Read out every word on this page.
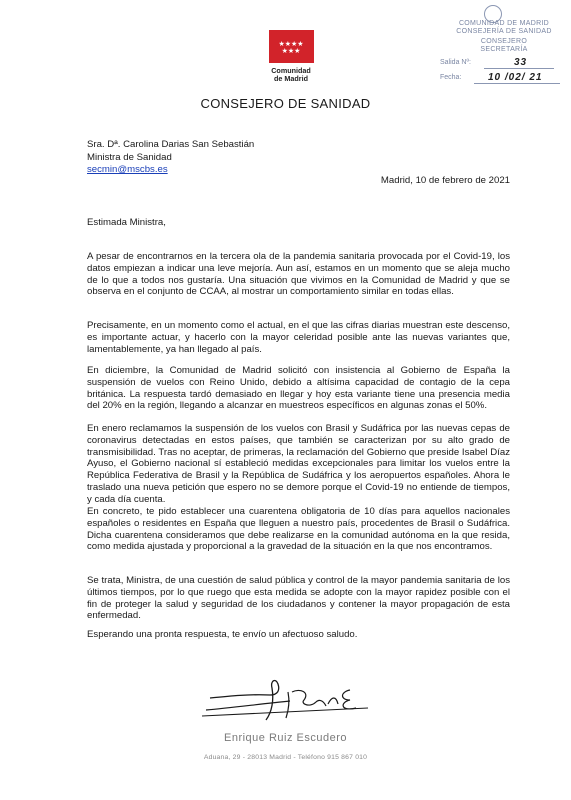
★★★★
★★★
Comunidad
de Madrid
COMUNIDAD DE MADRID
CONSEJERÍA DE SANIDAD
CONSEJERO
SECRETARÍA
Salida Nº:	33
Fecha:	10 /02/ 21
CONSEJERO DE SANIDAD
Sra. Dª. Carolina Darias San Sebastián
Ministra de Sanidad
secmin@mscbs.es
Madrid, 10 de febrero de 2021
Estimada Ministra,

A pesar de encontrarnos en la tercera ola de la pandemia sanitaria provocada por el Covid-19, los datos empiezan a indicar una leve mejoría. Aun así, estamos en un momento que se aleja mucho de lo que a todos nos gustaría. Una situación que vivimos en la Comunidad de Madrid y que se observa en el conjunto de CCAA, al mostrar un comportamiento similar en todas ellas.

Precisamente, en un momento como el actual, en el que las cifras diarias muestran este descenso, es importante actuar, y hacerlo con la mayor celeridad posible ante las nuevas variantes que, lamentablemente, ya han llegado al país.

En diciembre, la Comunidad de Madrid solicitó con insistencia al Gobierno de España la suspensión de vuelos con Reino Unido, debido a altísima capacidad de contagio de la cepa británica. La respuesta tardó demasiado en llegar y hoy esta variante tiene una presencia media del 20% en la región, llegando a alcanzar en muestreos específicos en algunas zonas el 50%.

En enero reclamamos la suspensión de los vuelos con Brasil y Sudáfrica por las nuevas cepas de coronavirus detectadas en estos países, que también se caracterizan por su alto grado de transmisibilidad. Tras no aceptar, de primeras, la reclamación del Gobierno que preside Isabel Díaz Ayuso, el Gobierno nacional sí estableció medidas excepcionales para limitar los vuelos entre la República Federativa de Brasil y la República de Sudáfrica y los aeropuertos españoles. Ahora le traslado una nueva petición que espero no se demore porque el Covid-19 no entiende de tiempos, y cada día cuenta.

En concreto, te pido establecer una cuarentena obligatoria de 10 días para aquellos nacionales españoles o residentes en España que lleguen a nuestro país, procedentes de Brasil o Sudáfrica. Dicha cuarentena consideramos que debe realizarse en la comunidad autónoma en la que resida, como medida ajustada y proporcional a la gravedad de la situación en la que nos encontramos.

Se trata, Ministra, de una cuestión de salud pública y control de la mayor pandemia sanitaria de los últimos tiempos, por lo que ruego que esta medida se adopte con la mayor rapidez posible con el fin de proteger la salud y seguridad de los ciudadanos y contener la mayor propagación de esta enfermedad.

Esperando una pronta respuesta, te envío un afectuoso saludo.

Enrique Ruiz Escudero
Aduana, 29 - 28013 Madrid - Teléfono 915 867 010
